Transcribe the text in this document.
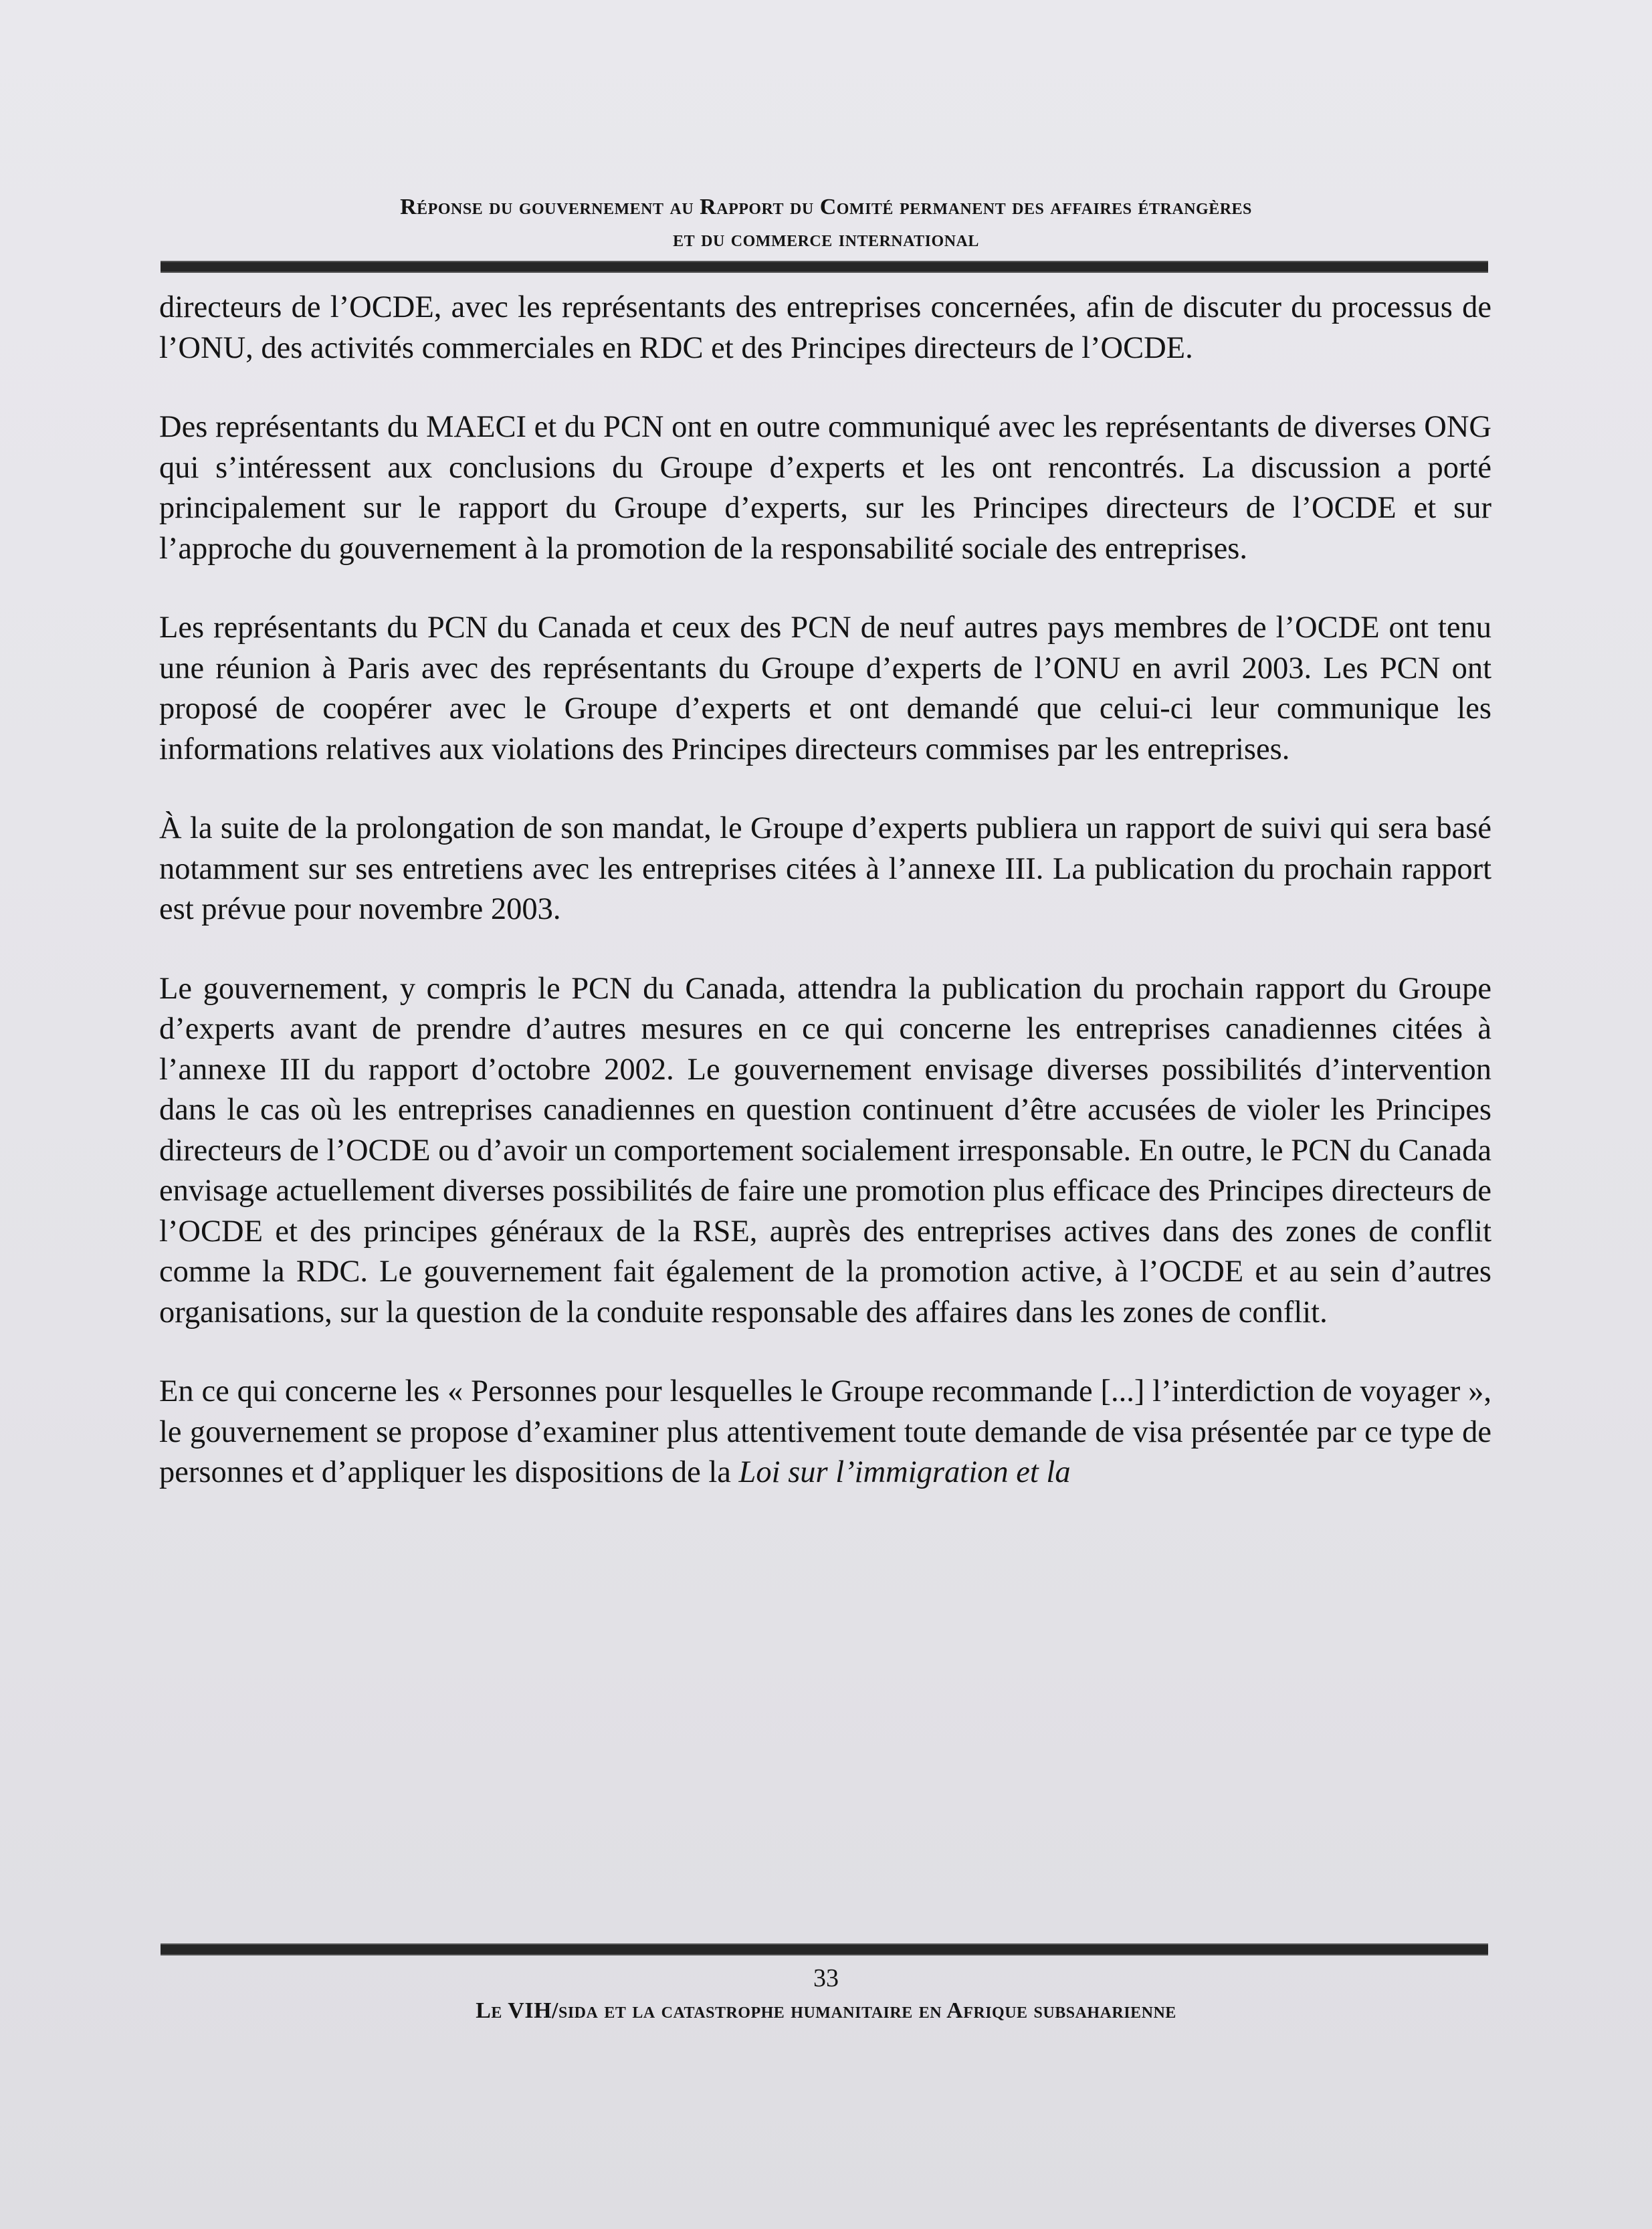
Réponse du gouvernement au Rapport du Comité permanent des affaires étrangères
et du commerce international

directeurs de l’OCDE, avec les représentants des entreprises concernées, afin de discuter du processus de l’ONU, des activités commerciales en RDC et des Principes directeurs de l’OCDE.

Des représentants du MAECI et du PCN ont en outre communiqué avec les représentants de diverses ONG qui s’intéressent aux conclusions du Groupe d’experts et les ont rencontrés. La discussion a porté principalement sur le rapport du Groupe d’experts, sur les Principes directeurs de l’OCDE et sur l’approche du gouvernement à la promotion de la responsabilité sociale des entreprises.

Les représentants du PCN du Canada et ceux des PCN de neuf autres pays membres de l’OCDE ont tenu une réunion à Paris avec des représentants du Groupe d’experts de l’ONU en avril 2003. Les PCN ont proposé de coopérer avec le Groupe d’experts et ont demandé que celui-ci leur communique les informations relatives aux violations des Principes directeurs commises par les entreprises.

À la suite de la prolongation de son mandat, le Groupe d’experts publiera un rapport de suivi qui sera basé notamment sur ses entretiens avec les entreprises citées à l’annexe III. La publication du prochain rapport est prévue pour novembre 2003.

Le gouvernement, y compris le PCN du Canada, attendra la publication du prochain rapport du Groupe d’experts avant de prendre d’autres mesures en ce qui concerne les entreprises canadiennes citées à l’annexe III du rapport d’octobre 2002. Le gouvernement envisage diverses possibilités d’intervention dans le cas où les entreprises canadiennes en question continuent d’être accusées de violer les Principes directeurs de l’OCDE ou d’avoir un comportement socialement irresponsable. En outre, le PCN du Canada envisage actuellement diverses possibilités de faire une promotion plus efficace des Principes directeurs de l’OCDE et des principes généraux de la RSE, auprès des entreprises actives dans des zones de conflit comme la RDC. Le gouvernement fait également de la promotion active, à l’OCDE et au sein d’autres organisations, sur la question de la conduite responsable des affaires dans les zones de conflit.

En ce qui concerne les « Personnes pour lesquelles le Groupe recommande [...] l’interdiction de voyager », le gouvernement se propose d’examiner plus attentivement toute demande de visa présentée par ce type de personnes et d’appliquer les dispositions de la Loi sur l’immigration et la

33
Le VIH/sida et la catastrophe humanitaire en Afrique subsaharienne
